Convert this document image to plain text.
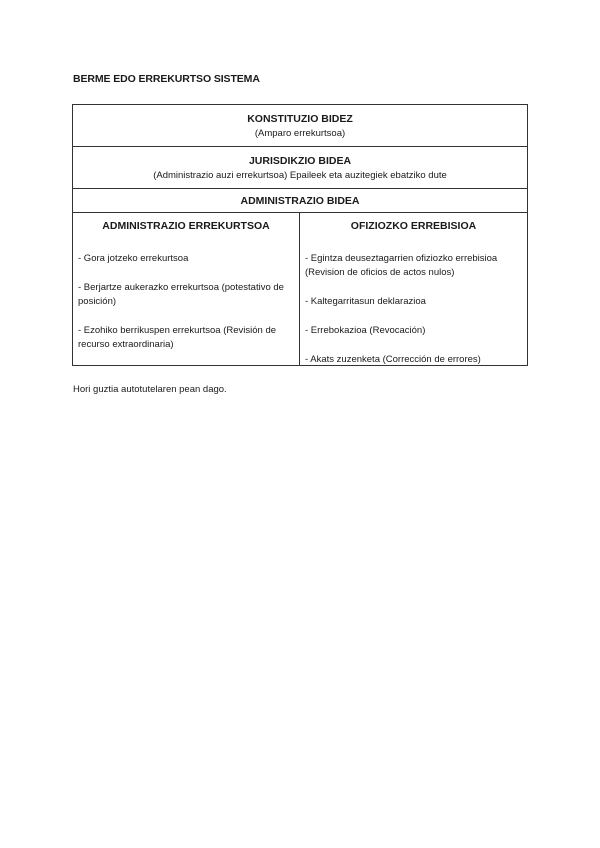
BERME EDO ERREKURTSO SISTEMA
KONSTITUZIO BIDEZ
(Amparo errekurtsoa)
JURISDIKZIO BIDEA
(Administrazio auzi errekurtsoa) Epaileek eta auzitegiek ebatziko dute
ADMINISTRAZIO BIDEA
ADMINISTRAZIO ERREKURTSOA
- Gora jotzeko errekurtsoa
- Berjartze aukerazko errekurtsoa (potestativo de posición)
- Ezohiko berrikuspen errekurtsoa (Revisión de recurso extraordinaria)
OFIZIOZKO ERREBISIOA
- Egintza deuseztagarrien ofiziozko errebisioa (Revision de oficios de actos nulos)
- Kaltegarritasun deklarazioa
- Errebokazioa (Revocación)
- Akats zuzenketa (Corrección de errores)
Hori guztia autotutelaren pean dago.
